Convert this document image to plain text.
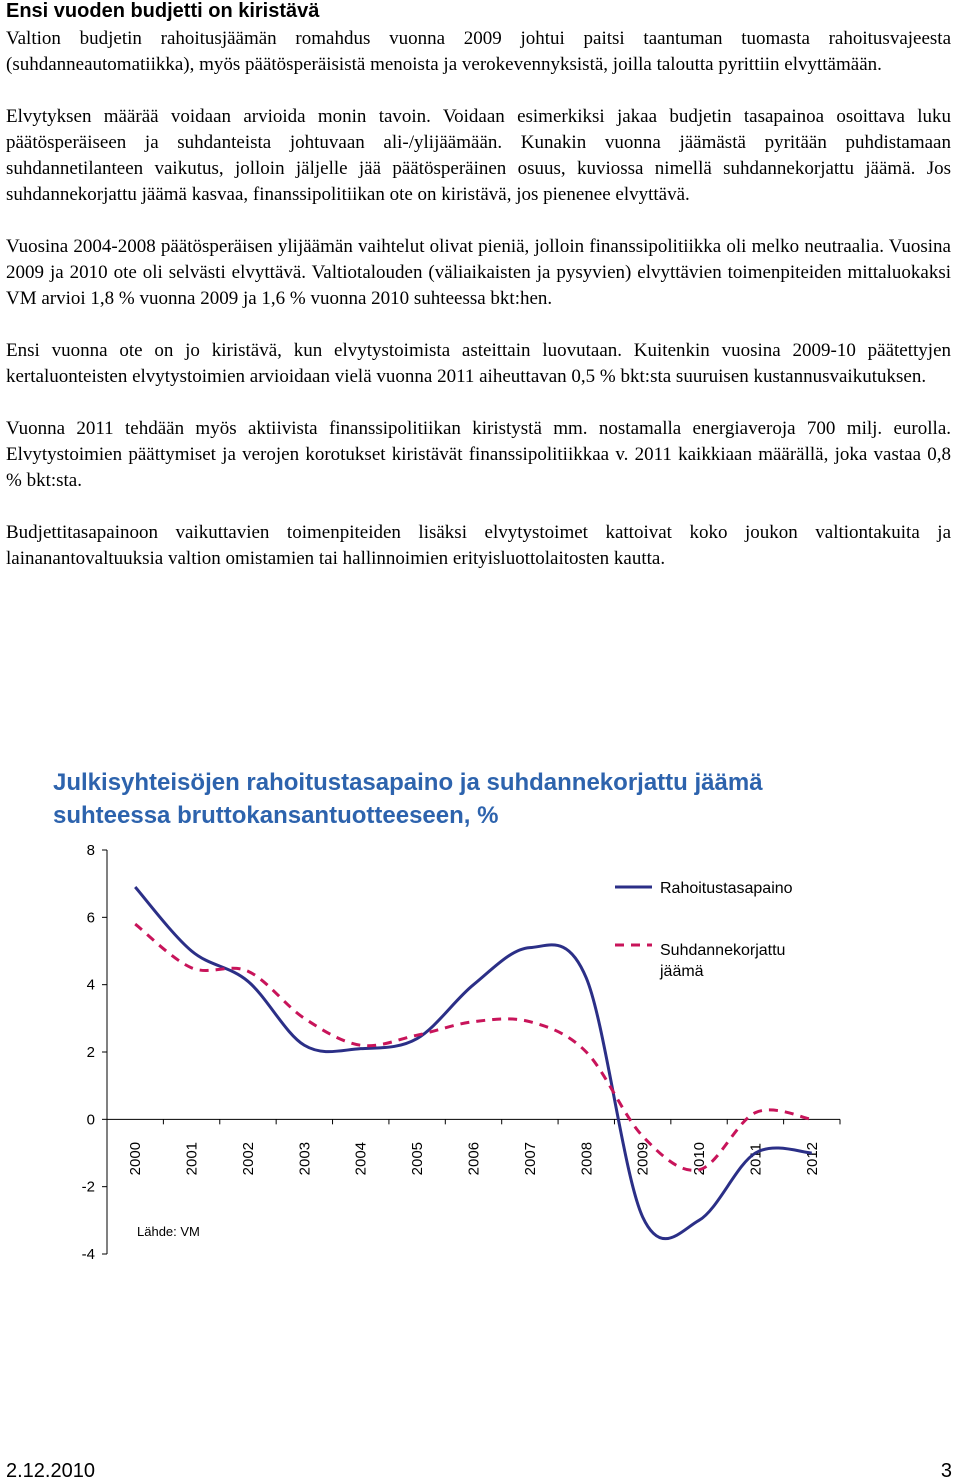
Ensi vuoden budjetti on kiristävä

Valtion budjetin rahoitusjäämän romahdus vuonna 2009 johtui paitsi taantuman tuomasta rahoitusvajeesta (suhdanneautomatiikka), myös päätösperäisistä menoista ja verokevennyksistä, joilla taloutta pyrittiin elvyttämään.

Elvytyksen määrää voidaan arvioida monin tavoin. Voidaan esimerkiksi jakaa budjetin tasapainoa osoittava luku päätösperäiseen ja suhdanteista johtuvaan ali-/ylijäämään. Kunakin vuonna jäämästä pyritään puhdistamaan suhdannetilanteen vaikutus, jolloin jäljelle jää päätösperäinen osuus, kuviossa nimellä suhdannekorjattu jäämä. Jos suhdannekorjattu jäämä kasvaa, finanssipolitiikan ote on kiristävä, jos pienenee elvyttävä.

Vuosina 2004-2008 päätösperäisen ylijäämän vaihtelut olivat pieniä, jolloin finanssipolitiikka oli melko neutraalia. Vuosina 2009 ja 2010 ote oli selvästi elvyttävä. Valtiotalouden (väliaikaisten ja pysyvien) elvyttävien toimenpiteiden mittaluokaksi VM arvioi 1,8 % vuonna 2009 ja 1,6 % vuonna 2010 suhteessa bkt:hen.

Ensi vuonna ote on jo kiristävä, kun elvytystoimista asteittain luovutaan. Kuitenkin vuosina 2009-10 päätettyjen kertaluonteisten elvytystoimien arvioidaan vielä vuonna 2011 aiheuttavan 0,5 % bkt:sta suuruisen kustannusvaikutuksen.

Vuonna 2011 tehdään myös aktiivista finanssipolitiikan kiristystä mm. nostamalla energiaveroja 700 milj. eurolla. Elvytystoimien päättymiset ja verojen korotukset kiristävät finanssipolitiikkaa v. 2011 kaikkiaan määrällä, joka vastaa 0,8 % bkt:sta.

Budjettitasapainoon vaikuttavien toimenpiteiden lisäksi elvytystoimet kattoivat koko joukon valtiontakuita ja lainanantovaltuuksia valtion omistamien tai hallinnoimien erityisluottolaitosten kautta.

Julkisyhteisöjen rahoitustasapaino ja suhdannekorjattu jäämä
suhteessa bruttokansantuotteeseen, %
-4
-2
0
2
4
6
8
2000	2001	2002	2003	2004	2005	2006	2007	2008	2009	2010	2011	2012
Rahoitustasapaino
Suhdannekorjattu
jäämä
Lähde: VM
2.12.2010	3
